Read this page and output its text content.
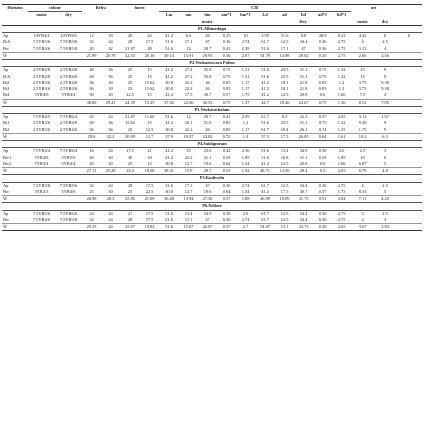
Horizon	colour		Rrbw		hurst		CIE										ort		
	moist	dry					Lm	am	bm	am*1	bm*1	Ld	ad	bd	ad*1	bd*1			
							moist					Dry					moist	dry	
P1.Allimadugu																			
Ap	10YR4/4	10YR5/6	12	18	20	24	41.2	6.6	26	0.25	10	3.95	51.6	8.8	38.9	0.22	4.42	0	0
B/A	7.5YR5/6	7.5YR5/6	32	24	28	17.5	51.6	17.1	47	0.36	2.74	61.7	12.5	34.4	0.36	2.75	4	2.5	
Bw	7.5YR4/6	7.5YR5/8	20	32	21.87	28	51.6	12	28.7	0.41	2.39	51.6	17.1	47	0.36	2.75	3.13	4	
W̄			21.89	20.79	22.53	20.16	49.14	15.91	29.95	0.36	2.87	54.79	14.98	29.02	0.33	2.75	2.66	2.56	
P2.Venkateswara Palem																			
Ap	2.5YR4/8	2.5YR4/8	48	36	25	15	41.2	27.2	35.8	0.75	1.31	51.6	23.5	31.1	0.75	1.32	15	9	
B/A	2.5YR4/8	2.5YR4/8	48	36	25	15	41.2	27.2	35.8	0.75	1.31	51.6	23.5	31.1	0.75	1.32	15	9	
Bt2	2.5YR3/6	2.5YR4/6	36	30	25	15.62	30.8	22.2	26	0.85	1.17	41.2	18.1	21.8	0.83	1.2	3.75	9.38	
Bt3	2.5YR3/6	2.5YR4/6	36	30	25	15.62	30.8	22.2	26	0.85	1.17	41.2	18.1	21.8	0.83	1.2	3.75	9.38	
Bt4	5YR4/6	5YR4/4	30	20	22.5	15	41.2	17.5	30.7	0.57	1.75	41.2	12.5	20.8	0.6	1.66	7.5	4	
W̄			38.68	29.41	24.39	15.25	37.02	22.66	30.53	0.75	1.37	44.7	18.46	24.67	0.75	1.36	8.52	7.85	
P3.Venkatachalam																			
Ap	7.5YR4/5	7.5YR6/4	20	24	21.87	11.66	51.6	12	28.7	0.41	2.39	61.7	8.5	22.5	0.37	2.65	3.13	1.67	
Bt1	2.5YR3/6	2.5YR4/6	30	36	15.62	15	41.2	18.1	21.8	0.83	1.2	51.6	23.5	31.1	0.75	1.32	9.38	9	
Bt2	2.5YR3/6	2.5YR4/6	36	36	25	12.5	30.8	22.2	26	0.85	1.17	61.7	19.4	26.1	0.74	1.35	1.75	9	
W̄			29.6	32.2	20.09	12.7	37.9	18.07	24.82	0.72	1.4	57.3	17.5	26.05	0.64	1.61	10.2	6.3	
P4.Saidapuram																			
Ap	7.5YR4/4	7.5YR6/4	16	24	17.5	21	41.2	10	23.6	0.42	2.36	51.6	13.4	34.9	0.38	2.6	2.5	3	
Bw1	5YR4/8	5YR5/6	40	30	30	18	41.2	22.2	41.1	0.54	1.85	51.6	16.8	31.1	0.54	1.85	10	6	
Bw2	5YR3/4	5YR4/4	20	20	25	15	30.8	12.7	19.6	0.64	1.54	41.2	12.5	20.8	0.6	1.66	6.67	5	
W̄			27.11	25.28	23.4	18.08	38.31	15.8	29.7	0.53	1.92	48.71	14.56	29.4	0.5	2.05	6.79	4.8	
P5.Kadivedu																			
Ap	7.5YR5/8	7.5YR5/6	32	24	28	17.5	51.6	17.1	47	0.36	2.74	61.7	12.5	34.4	0.36	2.75	4	2.5	
Bw	5YR3/3	5YR4/6	25	30	25	22.5	30.8	12.7	19.6	0.64	1.54	41.2	17.5	30.7	0.57	1.75	8.33	5	
W̄			26.98	28.3	25.85	21.09	36.68	13.94	27.36	0.57	1.88	46.99	16.09	31.75	0.51	2.04	7.11	4.29	
P6.Nellore																			
Ap	7.5YR5/6	7.5YR6/6	24	24	21	17.5	51.6	13.4	34.9	0.38	2.6	61.7	12.5	34.4	0.36	2.75	3	2.5	
Bw	7.5YR4/6	7.5YR5/8	32	24	28	17.5	51.6	17.1	47	0.36	2.74	61.7	12.5	34.4	0.36	2.75	4	3	
W̄			29.33	24	25.67	19.83	51.6	15.67	42.97	0.37	2.7	54.97	13.1	34.73	0.38	2.65	3.67	2.83	
